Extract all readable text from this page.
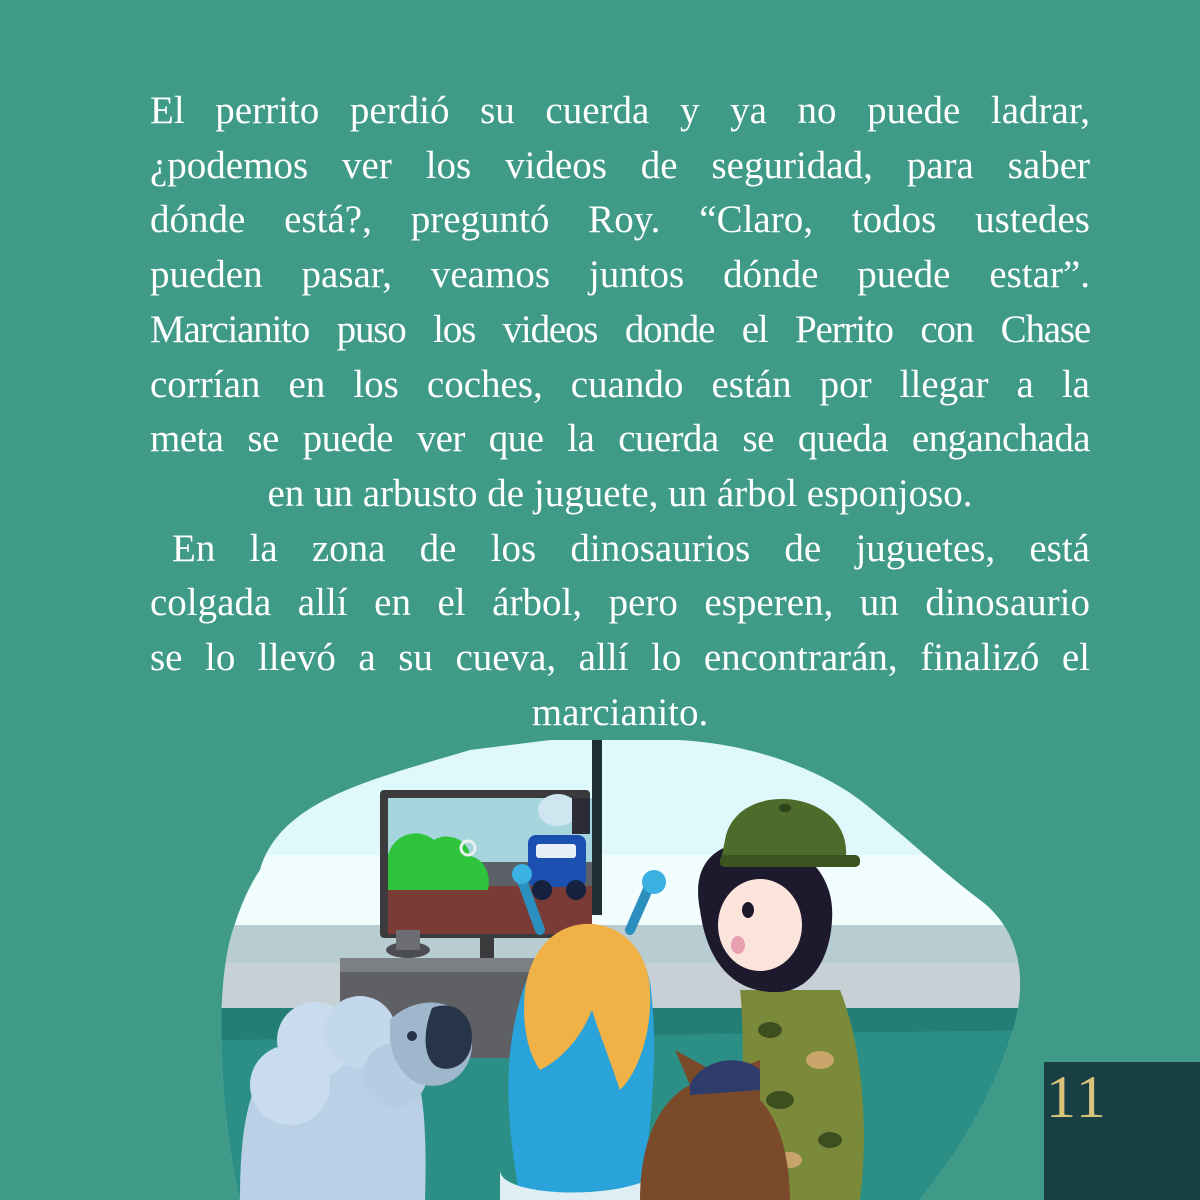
El perrito perdió su cuerda y ya no puede ladrar,

¿podemos ver los videos de seguridad, para saber

dónde está?, preguntó Roy. “Claro, todos ustedes

pueden pasar, veamos juntos dónde puede estar”.

Marcianito puso los videos donde el Perrito con Chase

corrían en los coches, cuando están por llegar a la

meta se puede ver que la cuerda se queda enganchada

en un arbusto de juguete, un árbol esponjoso.

En la zona de los dinosaurios de juguetes, está

colgada allí en el árbol, pero esperen, un dinosaurio

se lo llevó a su cueva, allí lo encontrarán, finalizó el

marcianito.

11
